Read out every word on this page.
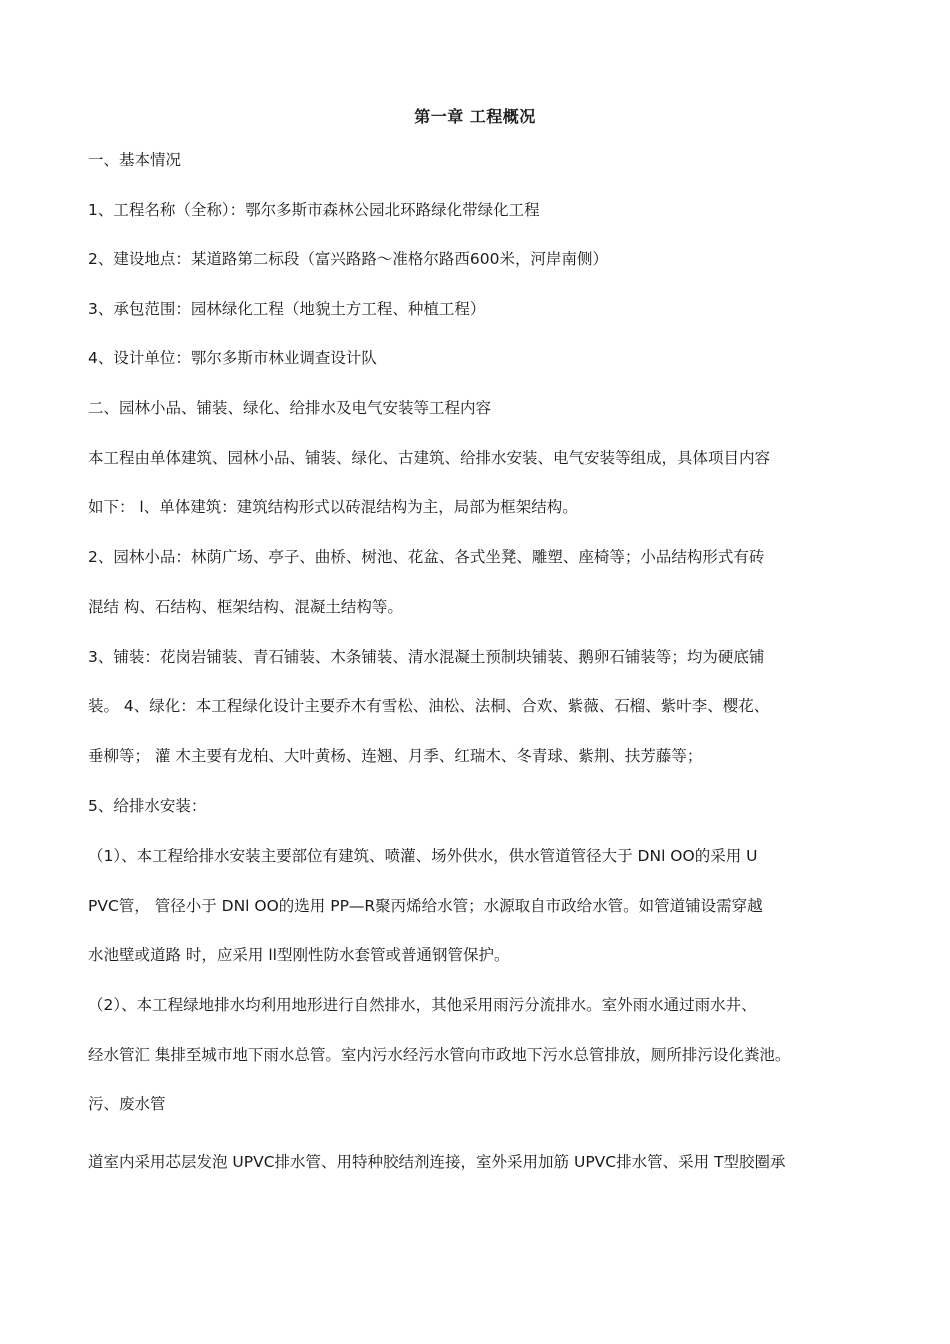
第一章 工程概况
一、基本情况
1、工程名称（全称）：鄂尔多斯市森林公园北环路绿化带绿化工程
2、建设地点：某道路第二标段（富兴路路～准格尔路西600米，河岸南侧）
3、承包范围：园林绿化工程（地貌土方工程、种植工程）
4、设计单位：鄂尔多斯市林业调查设计队
二、园林小品、铺装、绿化、给排水及电气安装等工程内容
本工程由单体建筑、园林小品、铺装、绿化、古建筑、给排水安装、电气安装等组成，具体项目内容
如下： l、单体建筑：建筑结构形式以砖混结构为主，局部为框架结构。
2、园林小品：林荫广场、亭子、曲桥、树池、花盆、各式坐凳、雕塑、座椅等；小品结构形式有砖
混结 构、石结构、框架结构、混凝土结构等。
3、铺装：花岗岩铺装、青石铺装、木条铺装、清水混凝土预制块铺装、鹅卵石铺装等；均为硬底铺
装。 4、绿化：本工程绿化设计主要乔木有雪松、油松、法桐、合欢、紫薇、石榴、紫叶李、樱花、
垂柳等； 灌 木主要有龙柏、大叶黄杨、连翘、月季、红瑞木、冬青球、紫荆、扶芳藤等；
5、给排水安装：
（1）、本工程给排水安装主要部位有建筑、喷灌、场外供水，供水管道管径大于 DNl OO的采用 U
PVC管， 管径小于 DNl OO的选用 PP—R聚丙烯给水管；水源取自市政给水管。如管道铺设需穿越
水池壁或道路 时，应采用 ll型刚性防水套管或普通钢管保护。
（2）、本工程绿地排水均利用地形进行自然排水，其他采用雨污分流排水。室外雨水通过雨水井、
经水管汇 集排至城市地下雨水总管。室内污水经污水管向市政地下污水总管排放，厕所排污设化粪池。
污、废水管
道室内采用芯层发泡 UPVC排水管、用特种胶结剂连接，室外采用加筋 UPVC排水管、采用 T型胶圈承
